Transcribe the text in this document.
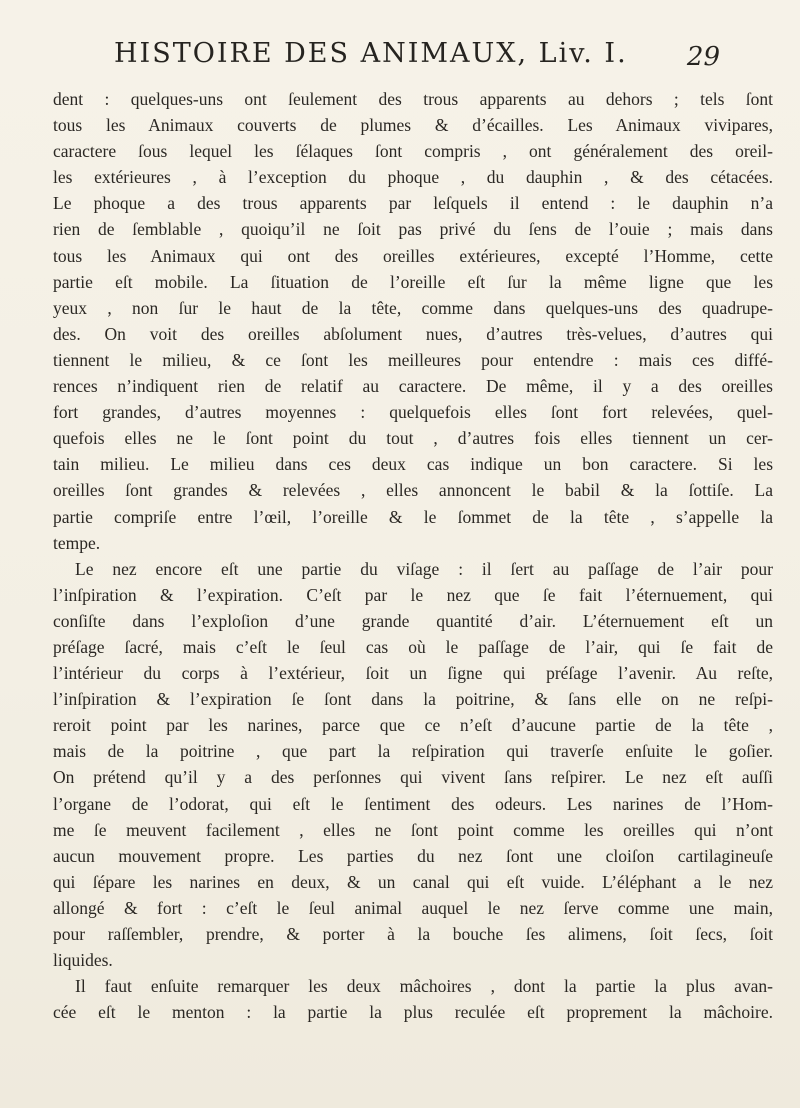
HISTOIRE DES ANIMAUX, Liv. I. 29
dent : quelques-uns ont ſeulement des trous apparents au dehors ; tels ſont
tous les Animaux couverts de plumes & d’écailles. Les Animaux vivipares,
caractere ſous lequel les ſélaques ſont compris , ont généralement des oreil-
les extérieures , à l’exception du phoque , du dauphin , & des cétacées.
Le phoque a des trous apparents par leſquels il entend : le dauphin n’a
rien de ſemblable , quoiqu’il ne ſoit pas privé du ſens de l’ouie ; mais dans
tous les Animaux qui ont des oreilles extérieures, excepté l’Homme, cette
partie eſt mobile. La ſituation de l’oreille eſt ſur la même ligne que les
yeux , non ſur le haut de la tête, comme dans quelques-uns des quadrupe-
des. On voit des oreilles abſolument nues, d’autres très-velues, d’autres qui
tiennent le milieu, & ce ſont les meilleures pour entendre : mais ces diffé-
rences n’indiquent rien de relatif au caractere. De même, il y a des oreilles
fort grandes, d’autres moyennes : quelquefois elles ſont fort relevées, quel-
quefois elles ne le ſont point du tout , d’autres fois elles tiennent un cer-
tain milieu. Le milieu dans ces deux cas indique un bon caractere. Si les
oreilles ſont grandes & relevées , elles annoncent le babil & la ſottiſe. La
partie compriſe entre l’œil, l’oreille & le ſommet de la tête , s’appelle la
tempe.
Le nez encore eſt une partie du viſage : il ſert au paſſage de l’air pour
l’inſpiration & l’expiration. C’eſt par le nez que ſe fait l’éternuement, qui
conſiſte dans l’exploſion d’une grande quantité d’air. L’éternuement eſt un
préſage ſacré, mais c’eſt le ſeul cas où le paſſage de l’air, qui ſe fait de
l’intérieur du corps à l’extérieur, ſoit un ſigne qui préſage l’avenir. Au reſte,
l’inſpiration & l’expiration ſe ſont dans la poitrine, & ſans elle on ne reſpi-
reroit point par les narines, parce que ce n’eſt d’aucune partie de la tête ,
mais de la poitrine , que part la reſpiration qui traverſe enſuite le goſier.
On prétend qu’il y a des perſonnes qui vivent ſans reſpirer. Le nez eſt auſſi
l’organe de l’odorat, qui eſt le ſentiment des odeurs. Les narines de l’Hom-
me ſe meuvent facilement , elles ne ſont point comme les oreilles qui n’ont
aucun mouvement propre. Les parties du nez ſont une cloiſon cartilagineuſe
qui ſépare les narines en deux, & un canal qui eſt vuide. L’éléphant a le nez
allongé & fort : c’eſt le ſeul animal auquel le nez ſerve comme une main,
pour raſſembler, prendre, & porter à la bouche ſes alimens, ſoit ſecs, ſoit
liquides.
Il faut enſuite remarquer les deux mâchoires , dont la partie la plus avan-
cée eſt le menton : la partie la plus reculée eſt proprement la mâchoire.
